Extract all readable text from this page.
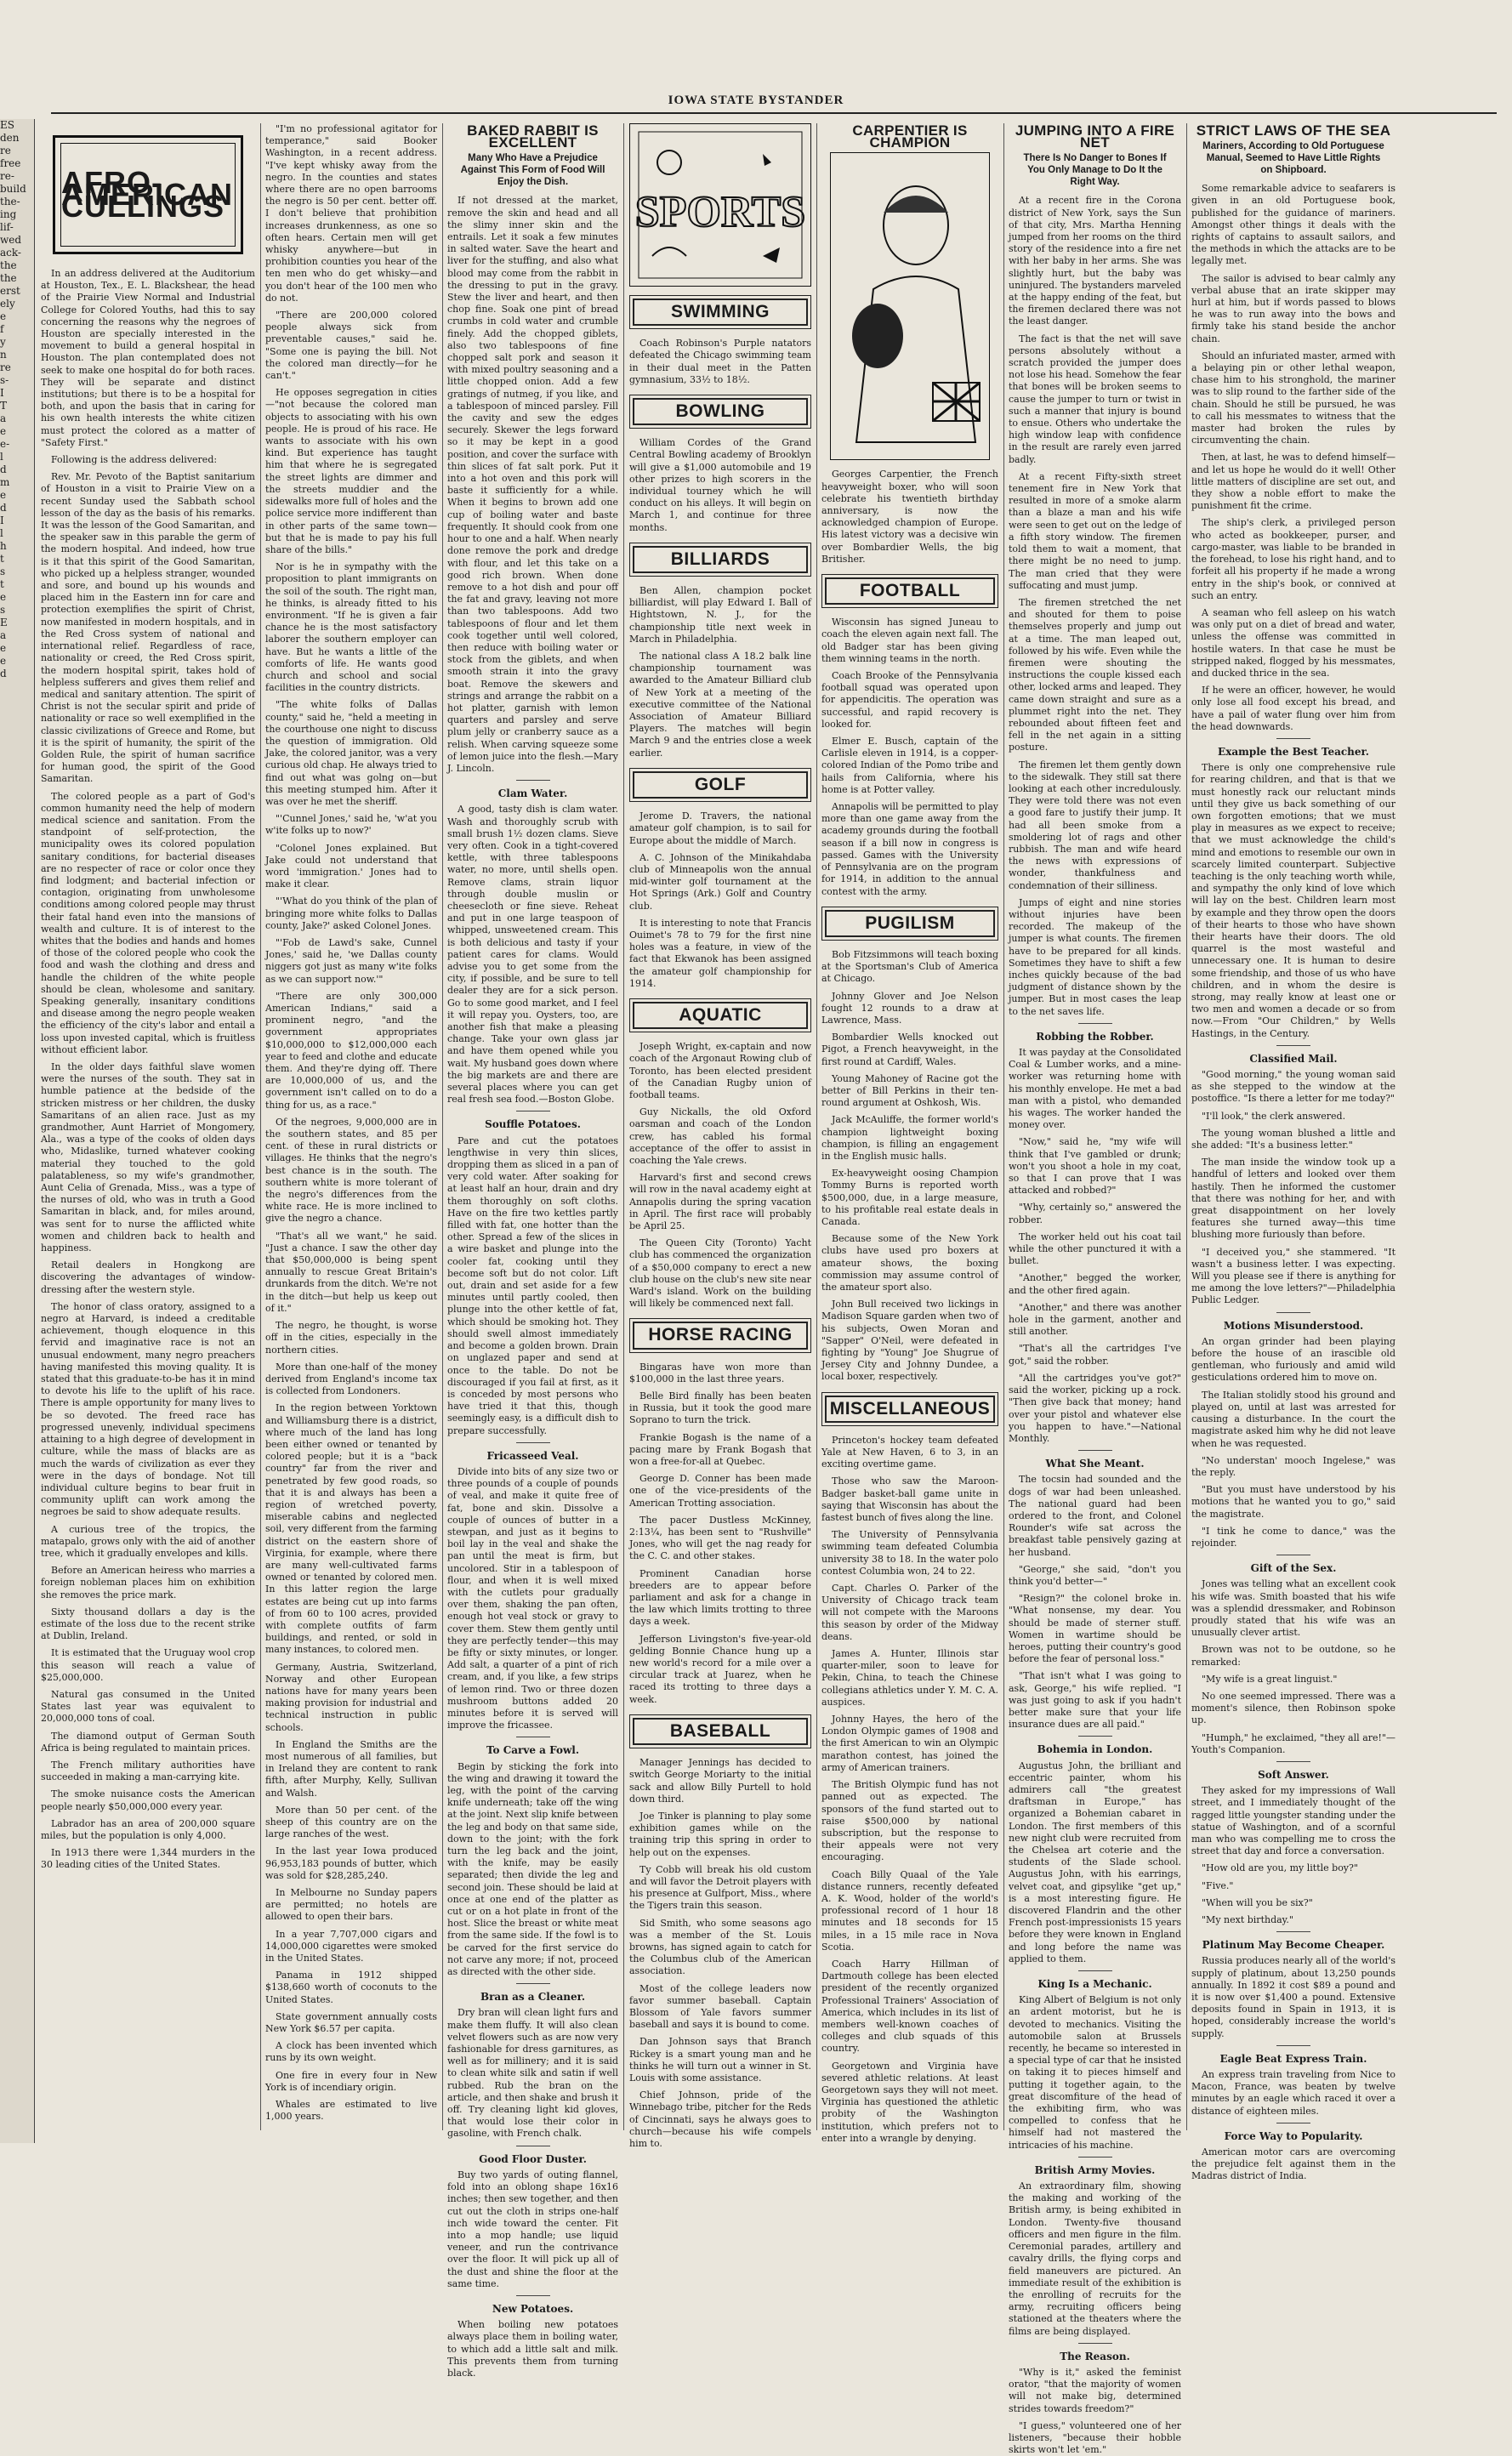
IOWA STATE BYSTANDER

ES

den

re

free

re-

build

the-

ing

lif-

wed

ack-

the

the

erst

ely

e

f

y

n

re

s-

I

T

a

e

e-

l

d

m

e

d

I

l

h

t

s

t

e

s

E

a

e

e

d

AFRO-AMERICAN CULLINGS

In an address delivered at the Auditorium at Houston, Tex., E. L. Blackshear, the head of the Prairie View Normal and Industrial College for Colored Youths, had this to say concerning the reasons why the negroes of Houston are specially interested in the movement to build a general hospital in Houston. The plan contemplated does not seek to make one hospital do for both races. They will be separate and distinct institutions; but there is to be a hospital for both, and upon the basis that in caring for his own health interests the white citizen must protect the colored as a matter of "Safety First."

Following is the address delivered:

Rev. Mr. Pevoto of the Baptist sanitarium of Houston in a visit to Prairie View on a recent Sunday used the Sabbath school lesson of the day as the basis of his remarks. It was the lesson of the Good Samaritan, and the speaker saw in this parable the germ of the modern hospital. And indeed, how true is it that this spirit of the Good Samaritan, who picked up a helpless stranger, wounded and sore, and bound up his wounds and placed him in the Eastern inn for care and protection exemplifies the spirit of Christ, now manifested in modern hospitals, and in the Red Cross system of national and international relief. Regardless of race, nationality or creed, the Red Cross spirit, the modern hospital spirit, takes hold of helpless sufferers and gives them relief and medical and sanitary attention. The spirit of Christ is not the secular spirit and pride of nationality or race so well exemplified in the classic civilizations of Greece and Rome, but it is the spirit of humanity, the spirit of the Golden Rule, the spirit of human sacrifice for human good, the spirit of the Good Samaritan.

The colored people as a part of God's common humanity need the help of modern medical science and sanitation. From the standpoint of self-protection, the municipality owes its colored population sanitary conditions, for bacterial diseases are no respecter of race or color once they find lodgment; and bacterial infection or contagion, originating from unwholesome conditions among colored people may thrust their fatal hand even into the mansions of wealth and culture. It is of interest to the whites that the bodies and hands and homes of those of the colored people who cook the food and wash the clothing and dress and handle the children of the white people should be clean, wholesome and sanitary. Speaking generally, insanitary conditions and disease among the negro people weaken the efficiency of the city's labor and entail a loss upon invested capital, which is fruitless without efficient labor.

In the older days faithful slave women were the nurses of the south. They sat in humble patience at the bedside of the stricken mistress or her children, the dusky Samaritans of an alien race. Just as my grandmother, Aunt Harriet of Mongomery, Ala., was a type of the cooks of olden days who, Midaslike, turned whatever cooking material they touched to the gold palatableness, so my wife's grandmother, Aunt Celia of Grenada, Miss., was a type of the nurses of old, who was in truth a Good Samaritan in black, and, for miles around, was sent for to nurse the afflicted white women and children back to health and happiness.

Retail dealers in Hongkong are discovering the advantages of window-dressing after the western style.

The honor of class oratory, assigned to a negro at Harvard, is indeed a creditable achievement, though eloquence in this fervid and imaginative race is not an unusual endowment, many negro preachers having manifested this moving quality. It is stated that this graduate-to-be has it in mind to devote his life to the uplift of his race. There is ample opportunity for many lives to be so devoted. The freed race has progressed unevenly, individual specimens attaining to a high degree of development in culture, while the mass of blacks are as much the wards of civilization as ever they were in the days of bondage. Not till individual culture begins to bear fruit in community uplift can work among the negroes be said to show adequate results.

A curious tree of the tropics, the matapalo, grows only with the aid of another tree, which it gradually envelopes and kills.

Before an American heiress who marries a foreign nobleman places him on exhibition she removes the price mark.

Sixty thousand dollars a day is the estimate of the loss due to the recent strike at Dublin, Ireland.

It is estimated that the Uruguay wool crop this season will reach a value of $25,000,000.

Natural gas consumed in the United States last year was equivalent to 20,000,000 tons of coal.

The diamond output of German South Africa is being regulated to maintain prices.

The French military authorities have succeeded in making a man-carrying kite.

The smoke nuisance costs the American people nearly $50,000,000 every year.

Labrador has an area of 200,000 square miles, but the population is only 4,000.

In 1913 there were 1,344 murders in the 30 leading cities of the United States.

"I'm no professional agitator for temperance," said Booker Washington, in a recent address. "I've kept whisky away from the negro. In the counties and states where there are no open barrooms the negro is 50 per cent. better off. I don't believe that prohibition increases drunkenness, as one so often hears. Certain men will get whisky anywhere—but in prohibition counties you hear of the ten men who do get whisky—and you don't hear of the 100 men who do not.

"There are 200,000 colored people always sick from preventable causes," said he. "Some one is paying the bill. Not the colored man directly—for he can't."

He opposes segregation in cities—"not because the colored man objects to associating with his own people. He is proud of his race. He wants to associate with his own kind. But experience has taught him that where he is segregated the street lights are dimmer and the streets muddier and the sidewalks more full of holes and the police service more indifferent than in other parts of the same town—but that he is made to pay his full share of the bills."

Nor is he in sympathy with the proposition to plant immigrants on the soil of the south. The right man, he thinks, is already fitted to his environment. "If he is given a fair chance he is the most satisfactory laborer the southern employer can have. But he wants a little of the comforts of life. He wants good church and school and social facilities in the country districts.

"The white folks of Dallas county," said he, "held a meeting in the courthouse one night to discuss the question of immigration. Old Jake, the colored janitor, was a very curious old chap. He always tried to find out what was golng on—but this meeting stumped him. After it was over he met the sheriff.

"'Cunnel Jones,' said he, 'w'at you w'ite folks up to now?'

"Colonel Jones explained. But Jake could not understand that word 'immigration.' Jones had to make it clear.

"'What do you think of the plan of bringing more white folks to Dallas county, Jake?' asked Colonel Jones.

"'Fob de Lawd's sake, Cunnel Jones,' said he, 'we Dallas county niggers got just as many w'ite folks as we can support now.'"

"There are only 300,000 American Indians," said a prominent negro, "and the government appropriates $10,000,000 to $12,000,000 each year to feed and clothe and educate them. And they're dying off. There are 10,000,000 of us, and the government isn't called on to do a thing for us, as a race."

Of the negroes, 9,000,000 are in the southern states, and 85 per cent. of these in rural districts or villages. He thinks that the negro's best chance is in the south. The southern white is more tolerant of the negro's differences from the white race. He is more inclined to give the negro a chance.

"That's all we want," he said. "Just a chance. I saw the other day that $50,000,000 is being spent annually to rescue Great Britain's drunkards from the ditch. We're not in the ditch—but help us keep out of it."

The negro, he thought, is worse off in the cities, especially in the northern cities.

More than one-half of the money derived from England's income tax is collected from Londoners.

In the region between Yorktown and Williamsburg there is a district, where much of the land has long been either owned or tenanted by colored people; but it is a "back country" far from the river and penetrated by few good roads, so that it is and always has been a region of wretched poverty, miserable cabins and neglected soil, very different from the farming district on the eastern shore of Virginia, for example, where there are many well-cultivated farms owned or tenanted by colored men. In this latter region the large estates are being cut up into farms of from 60 to 100 acres, provided with complete outfits of farm buildings, and rented, or sold in many instances, to colored men.

Germany, Austria, Switzerland, Norway and other European nations have for many years been making provision for industrial and technical instruction in public schools.

In England the Smiths are the most numerous of all families, but in Ireland they are content to rank fifth, after Murphy, Kelly, Sullivan and Walsh.

More than 50 per cent. of the sheep of this country are on the large ranches of the west.

In the last year Iowa produced 96,953,183 pounds of butter, which was sold for $28,285,240.

In Melbourne no Sunday papers are permitted; no hotels are allowed to open their bars.

In a year 7,707,000 cigars and 14,000,000 cigarettes were smoked in the United States.

Panama in 1912 shipped $138,660 worth of coconuts to the United States.

State government annually costs New York $6.57 per capita.

A clock has been invented which runs by its own weight.

One fire in every four in New York is of incendiary origin.

Whales are estimated to live 1,000 years.

BAKED RABBIT IS EXCELLENT
Many Who Have a Prejudice Against This Form of Food Will Enjoy the Dish.

If not dressed at the market, remove the skin and head and all the slimy inner skin and the entrails. Let it soak a few minutes in salted water. Save the heart and liver for the stuffing, and also what blood may come from the rabbit in the dressing to put in the gravy. Stew the liver and heart, and then chop fine. Soak one pint of bread crumbs in cold water and crumble finely. Add the chopped giblets, also two tablespoons of fine chopped salt pork and season it with mixed poultry seasoning and a little chopped onion. Add a few gratings of nutmeg, if you like, and a tablespoon of minced parsley. Fill the cavity and sew the edges securely. Skewer the legs forward so it may be kept in a good position, and cover the surface with thin slices of fat salt pork. Put it into a hot oven and this pork will baste it sufficiently for a while. When it begins to brown add one cup of boiling water and baste frequently. It should cook from one hour to one and a half. When nearly done remove the pork and dredge with flour, and let this take on a good rich brown. When done remove to a hot dish and pour off the fat and gravy, leaving not more than two tablespoons. Add two tablespoons of flour and let them cook together until well colored, then reduce with boiling water or stock from the giblets, and when smooth strain it into the gravy boat. Remove the skewers and strings and arrange the rabbit on a hot platter, garnish with lemon quarters and parsley and serve plum jelly or cranberry sauce as a relish. When carving squeeze some of lemon juice into the flesh.—Mary J. Lincoln.

Clam Water.

A good, tasty dish is clam water. Wash and thoroughly scrub with small brush 1½ dozen clams. Sieve very often. Cook in a tight-covered kettle, with three tablespoons water, no more, until shells open. Remove clams, strain liquor through double muslin or cheesecloth or fine sieve. Reheat and put in one large teaspoon of whipped, unsweetened cream. This is both delicious and tasty if your patient cares for clams. Would advise you to get some from the city, if possible, and be sure to tell dealer they are for a sick person. Go to some good market, and I feel it will repay you. Oysters, too, are another fish that make a pleasing change. Take your own glass jar and have them opened while you wait. My husband goes down where the big markets are and there are several places where you can get real fresh sea food.—Boston Globe.

Souffle Potatoes.

Pare and cut the potatoes lengthwise in very thin slices, dropping them as sliced in a pan of very cold water. After soaking for at least half an hour, drain and dry them thoroughly on soft cloths. Have on the fire two kettles partly filled with fat, one hotter than the other. Spread a few of the slices in a wire basket and plunge into the cooler fat, cooking until they become soft but do not color. Lift out, drain and set aside for a few minutes until partly cooled, then plunge into the other kettle of fat, which should be smoking hot. They should swell almost immediately and become a golden brown. Drain on unglazed paper and send at once to the table. Do not be discouraged if you fail at first, as it is conceded by most persons who have tried it that this, though seemingly easy, is a difficult dish to prepare successfully.

Fricasseed Veal.

Divide into bits of any size two or three pounds of a couple of pounds of veal, and make it quite free of fat, bone and skin. Dissolve a couple of ounces of butter in a stewpan, and just as it begins to boil lay in the veal and shake the pan until the meat is firm, but uncolored. Stir in a tablespoon of flour, and when it is well mixed with the cutlets pour gradually over them, shaking the pan often, enough hot veal stock or gravy to cover them. Stew them gently until they are perfectly tender—this may be fifty or sixty minutes, or longer. Add salt, a quarter of a pint of rich cream, and, if you like, a few strips of lemon rind. Two or three dozen mushroom buttons added 20 minutes before it is served will improve the fricassee.

To Carve a Fowl.

Begin by sticking the fork into the wing and drawing it toward the leg, with the point of the carving knife underneath; take off the wing at the joint. Next slip knife between the leg and body on that same side, down to the joint; with the fork turn the leg back and the joint, with the knife, may be easily separated; then divide the leg and second join. These should be laid at once at one end of the platter as cut or on a hot plate in front of the host. Slice the breast or white meat from the same side. If the fowl is to be carved for the first service do not carve any more; if not, proceed as directed with the other side.

Bran as a Cleaner.

Dry bran will clean light furs and make them fluffy. It will also clean velvet flowers such as are now very fashionable for dress garnitures, as well as for millinery; and it is said to clean white silk and satin if well rubbed. Rub the bran on the article, and then shake and brush it off. Try cleaning light kid gloves, that would lose their color in gasoline, with French chalk.

Good Floor Duster.

Buy two yards of outing flannel, fold into an oblong shape 16x16 inches; then sew together, and then cut out the cloth in strips one-half inch wide toward the center. Fit into a mop handle; use liquid veneer, and run the contrivance over the floor. It will pick up all of the dust and shine the floor at the same time.

New Potatoes.

When boiling new potatoes always place them in boiling water, to which add a little salt and milk. This prevents them from turning black.

SPORTS
SWIMMING

Coach Robinson's Purple natators defeated the Chicago swimming team in their dual meet in the Patten gymnasium, 33½ to 18½.

BOWLING

William Cordes of the Grand Central Bowling academy of Brooklyn will give a $1,000 automobile and 19 other prizes to high scorers in the individual tourney which he will conduct on his alleys. It will begin on March 1, and continue for three months.

BILLIARDS

Ben Allen, champion pocket billiardist, will play Edward I. Ball of Hightstown, N. J., for the championship title next week in March in Philadelphia.

The national class A 18.2 balk line championship tournament was awarded to the Amateur Billiard club of New York at a meeting of the executive committee of the National Association of Amateur Billiard Players. The matches will begin March 9 and the entries close a week earlier.

GOLF

Jerome D. Travers, the national amateur golf champion, is to sail for Europe about the middle of March.

A. C. Johnson of the Minikahdaba club of Minneapolis won the annual mid-winter golf tournament at the Hot Springs (Ark.) Golf and Country club.

It is interesting to note that Francis Ouimet's 78 to 79 for the first nine holes was a feature, in view of the fact that Ekwanok has been assigned the amateur golf championship for 1914.

AQUATIC

Joseph Wright, ex-captain and now coach of the Argonaut Rowing club of Toronto, has been elected president of the Canadian Rugby union of football teams.

Guy Nickalls, the old Oxford oarsman and coach of the London crew, has cabled his formal acceptance of the offer to assist in coaching the Yale crews.

Harvard's first and second crews will row in the naval academy eight at Annapolis during the spring vacation in April. The first race will probably be April 25.

The Queen City (Toronto) Yacht club has commenced the organization of a $50,000 company to erect a new club house on the club's new site near Ward's island. Work on the building will likely be commenced next fall.

HORSE RACING

Bingaras have won more than $100,000 in the last three years.

Belle Bird finally has been beaten in Russia, but it took the good mare Soprano to turn the trick.

Frankie Bogash is the name of a pacing mare by Frank Bogash that won a free-for-all at Quebec.

George D. Conner has been made one of the vice-presidents of the American Trotting association.

The pacer Dustless McKinney, 2:13¼, has been sent to "Rushville" Jones, who will get the nag ready for the C. C. and other stakes.

Prominent Canadian horse breeders are to appear before parliament and ask for a change in the law which limits trotting to three days a week.

Jefferson Livingston's five-year-old gelding Bonnie Chance hung up a new world's record for a mile over a circular track at Juarez, when he raced its trotting to three days a week.

BASEBALL

Manager Jennings has decided to switch George Moriarty to the initial sack and allow Billy Purtell to hold down third.

Joe Tinker is planning to play some exhibition games while on the training trip this spring in order to help out on the expenses.

Ty Cobb will break his old custom and will favor the Detroit players with his presence at Gulfport, Miss., where the Tigers train this season.

Sid Smith, who some seasons ago was a member of the St. Louis browns, has signed again to catch for the Columbus club of the American association.

Most of the college leaders now favor summer baseball. Captain Blossom of Yale favors summer baseball and says it is bound to come.

Dan Johnson says that Branch Rickey is a smart young man and he thinks he will turn out a winner in St. Louis with some assistance.

Chief Johnson, pride of the Winnebago tribe, pitcher for the Reds of Cincinnati, says he always goes to church—because his wife compels him to.

CARPENTIER IS CHAMPION

Georges Carpentier, the French heavyweight boxer, who will soon celebrate his twentieth birthday anniversary, is now the acknowledged champion of Europe. His latest victory was a decisive win over Bombardier Wells, the big Britisher.

FOOTBALL

Wisconsin has signed Juneau to coach the eleven again next fall. The old Badger star has been giving them winning teams in the north.

Coach Brooke of the Pennsylvania football squad was operated upon for appendicitis. The operation was successful, and rapid recovery is looked for.

Elmer E. Busch, captain of the Carlisle eleven in 1914, is a copper-colored Indian of the Pomo tribe and hails from California, where his home is at Potter valley.

Annapolis will be permitted to play more than one game away from the academy grounds during the football season if a bill now in congress is passed. Games with the University of Pennsylvania are on the program for 1914, in addition to the annual contest with the army.

PUGILISM

Bob Fitzsimmons will teach boxing at the Sportsman's Club of America at Chicago.

Johnny Glover and Joe Nelson fought 12 rounds to a draw at Lawrence, Mass.

Bombardier Wells knocked out Pigot, a French heavyweight, in the first round at Cardiff, Wales.

Young Mahoney of Racine got the better of Bill Perkins in their ten-round argument at Oshkosh, Wis.

Jack McAuliffe, the former world's champion lightweight boxing champion, is filling an engagement in the English music halls.

Ex-heavyweight oosing Champion Tommy Burns is reported worth $500,000, due, in a large measure, to his profitable real estate deals in Canada.

Because some of the New York clubs have used pro boxers at amateur shows, the boxing commission may assume control of the amateur sport also.

John Bull received two lickings in Madison Square garden when two of his subjects, Owen Moran and "Sapper" O'Neil, were defeated in fighting by "Young" Joe Shugrue of Jersey City and Johnny Dundee, a local boxer, respectively.

MISCELLANEOUS

Princeton's hockey team defeated Yale at New Haven, 6 to 3, in an exciting overtime game.

Those who saw the Maroon-Badger basket-ball game unite in saying that Wisconsin has about the fastest bunch of fives along the line.

The University of Pennsylvania swimming team defeated Columbia university 38 to 18. In the water polo contest Columbia won, 24 to 22.

Capt. Charles O. Parker of the University of Chicago track team will not compete with the Maroons this season by order of the Midway deans.

James A. Hunter, Illinois star quarter-miler, soon to leave for Pekin, China, to teach the Chinese collegians athletics under Y. M. C. A. auspices.

Johnny Hayes, the hero of the London Olympic games of 1908 and the first American to win an Olympic marathon contest, has joined the army of American trainers.

The British Olympic fund has not panned out as expected. The sponsors of the fund started out to raise $500,000 by national subscription, but the response to their appeals were not very encouraging.

Coach Billy Quaal of the Yale distance runners, recently defeated A. K. Wood, holder of the world's professional record of 1 hour 18 minutes and 18 seconds for 15 miles, in a 15 mile race in Nova Scotia.

Coach Harry Hillman of Dartmouth college has been elected president of the recently organized Professional Trainers' Association of America, which includes in its list of members well-known coaches of colleges and club squads of this country.

Georgetown and Virginia have severed athletic relations. At least Georgetown says they will not meet. Virginia has questioned the athletic probity of the Washington institution, which prefers not to enter into a wrangle by denying.

JUMPING INTO A FIRE NET
There Is No Danger to Bones If You Only Manage to Do It the Right Way.

At a recent fire in the Corona district of New York, says the Sun of that city, Mrs. Martha Henning jumped from her rooms on the third story of the residence into a fire net with her baby in her arms. She was slightly hurt, but the baby was uninjured. The bystanders marveled at the happy ending of the feat, but the firemen declared there was not the least danger.

The fact is that the net will save persons absolutely without a scratch provided the jumper does not lose his head. Somehow the fear that bones will be broken seems to cause the jumper to turn or twist in such a manner that injury is bound to ensue. Others who undertake the high window leap with confidence in the result are rarely even jarred badly.

At a recent Fifty-sixth street tenement fire in New York that resulted in more of a smoke alarm than a blaze a man and his wife were seen to get out on the ledge of a fifth story window. The firemen told them to wait a moment, that there might be no need to jump. The man cried that they were suffocating and must jump.

The firemen stretched the net and shouted for them to poise themselves properly and jump out at a time. The man leaped out, followed by his wife. Even while the firemen were shouting the instructions the couple kissed each other, locked arms and leaped. They came down straight and sure as a plummet right into the net. They rebounded about fifteen feet and fell in the net again in a sitting posture.

The firemen let them gently down to the sidewalk. They still sat there looking at each other incredulously. They were told there was not even a good fare to justify their jump. It had all been smoke from a smoldering lot of rags and other rubbish. The man and wife heard the news with expressions of wonder, thankfulness and condemnation of their silliness.

Jumps of eight and nine stories without injuries have been recorded. The makeup of the jumper is what counts. The firemen have to be prepared for all kinds. Sometimes they have to shift a few inches quickly because of the bad judgment of distance shown by the jumper. But in most cases the leap to the net saves life.

Robbing the Robber.

It was payday at the Consolidated Coal & Lumber works, and a mine-worker was returning home with his monthly envelope. He met a bad man with a pistol, who demanded his wages. The worker handed the money over.

"Now," said he, "my wife will think that I've gambled or drunk; won't you shoot a hole in my coat, so that I can prove that I was attacked and robbed?"

"Why, certainly so," answered the robber.

The worker held out his coat tail while the other punctured it with a bullet.

"Another," begged the worker, and the other fired again.

"Another," and there was another hole in the garment, another and still another.

"That's all the cartridges I've got," said the robber.

"All the cartridges you've got?" said the worker, picking up a rock. "Then give back that money; hand over your pistol and whatever else you happen to have."—National Monthly.

What She Meant.

The tocsin had sounded and the dogs of war had been unleashed. The national guard had been ordered to the front, and Colonel Rounder's wife sat across the breakfast table pensively gazing at her husband.

"George," she said, "don't you think you'd better—"

"Resign?" the colonel broke in. "What nonsense, my dear. You should be made of sterner stuff. Women in wartime should be heroes, putting their country's good before the fear of personal loss."

"That isn't what I was going to ask, George," his wife replied. "I was just going to ask if you hadn't better make sure that your life insurance dues are all paid."

Bohemia in London.

Augustus John, the brilliant and eccentric painter, whom his admirers call "the greatest draftsman in Europe," has organized a Bohemian cabaret in London. The first members of this new night club were recruited from the Chelsea art coterie and the students of the Slade school. Augustus John, with his earrings, velvet coat, and gipsylike "get up," is a most interesting figure. He discovered Flandrin and the other French post-impressionists 15 years before they were known in England and long before the name was applied to them.

King Is a Mechanic.

King Albert of Belgium is not only an ardent motorist, but he is devoted to mechanics. Visiting the automobile salon at Brussels recently, he became so interested in a special type of car that he insisted on taking it to pieces himself and putting it together again, to the great discomfiture of the head of the exhibiting firm, who was compelled to confess that he himself had not mastered the intricacies of his machine.

British Army Movies.

An extraordinary film, showing the making and working of the British army, is being exhibited in London. Twenty-five thousand officers and men figure in the film. Ceremonial parades, artillery and cavalry drills, the flying corps and field maneuvers are pictured. An immediate result of the exhibition is the enrolling of recruits for the army, recruiting officers being stationed at the theaters where the films are being displayed.

The Reason.

"Why is it," asked the feminist orator, "that the majority of women will not make big, determined strides towards freedom?"

"I guess," volunteered one of her listeners, "because their hobble skirts won't let 'em."

STRICT LAWS OF THE SEA
Mariners, According to Old Portuguese Manual, Seemed to Have Little Rights on Shipboard.

Some remarkable advice to seafarers is given in an old Portuguese book, published for the guidance of mariners. Amongst other things it deals with the rights of captains to assault sailors, and the methods in which the attacks are to be legally met.

The sailor is advised to bear calmly any verbal abuse that an irate skipper may hurl at him, but if words passed to blows he was to run away into the bows and firmly take his stand beside the anchor chain.

Should an infuriated master, armed with a belaying pin or other lethal weapon, chase him to his stronghold, the mariner was to slip round to the farther side of the chain. Should he still be pursued, he was to call his messmates to witness that the master had broken the rules by circumventing the chain.

Then, at last, he was to defend himself—and let us hope he would do it well! Other little matters of discipline are set out, and they show a noble effort to make the punishment fit the crime.

The ship's clerk, a privileged person who acted as bookkeeper, purser, and cargo-master, was liable to be branded in the forehead, to lose his right hand, and to forfeit all his property if he made a wrong entry in the ship's book, or connived at such an entry.

A seaman who fell asleep on his watch was only put on a diet of bread and water, unless the offense was committed in hostile waters. In that case he must be stripped naked, flogged by his messmates, and ducked thrice in the sea.

If he were an officer, however, he would only lose all food except his bread, and have a pail of water flung over him from the head downwards.

Example the Best Teacher.

There is only one comprehensive rule for rearing children, and that is that we must honestly rack our reluctant minds until they give us back something of our own forgotten emotions; that we must play in measures as we expect to receive; that we must acknowledge the child's mind and emotions to resemble our own in scarcely limited counterpart. Subjective teaching is the only teaching worth while, and sympathy the only kind of love which will lay on the best. Children learn most by example and they throw open the doors of their hearts to those who have shown their hearts have their doors. The old quarrel is the most wasteful and unnecessary one. It is human to desire some friendship, and those of us who have children, and in whom the desire is strong, may really know at least one or two men and women a decade or so from now.—From "Our Children," by Wells Hastings, in the Century.

Classified Mail.

"Good morning," the young woman said as she stepped to the window at the postoffice. "Is there a letter for me today?"

"I'll look," the clerk answered.

The young woman blushed a little and she added: "It's a business letter."

The man inside the window took up a handful of letters and looked over them hastily. Then he informed the customer that there was nothing for her, and with great disappointment on her lovely features she turned away—this time blushing more furiously than before.

"I deceived you," she stammered. "It wasn't a business letter. I was expecting. Will you please see if there is anything for me among the love letters?"—Philadelphia Public Ledger.

Motions Misunderstood.

An organ grinder had been playing before the house of an irascible old gentleman, who furiously and amid wild gesticulations ordered him to move on.

The Italian stolidly stood his ground and played on, until at last was arrested for causing a disturbance. In the court the magistrate asked him why he did not leave when he was requested.

"No understan' mooch Ingelese," was the reply.

"But you must have understood by his motions that he wanted you to go," said the magistrate.

"I tink he come to dance," was the rejoinder.

Gift of the Sex.

Jones was telling what an excellent cook his wife was. Smith boasted that his wife was a splendid dressmaker, and Robinson proudly stated that his wife was an unusually clever artist.

Brown was not to be outdone, so he remarked:

"My wife is a great linguist."

No one seemed impressed. There was a moment's silence, then Robinson spoke up.

"Humph," he exclaimed, "they all are!"—Youth's Companion.

Soft Answer.

They asked for my impressions of Wall street, and I immediately thought of the ragged little youngster standing under the statue of Washington, and of a scornful man who was compelling me to cross the street that day and force a conversation.

"How old are you, my little boy?"

"Five."

"When will you be six?"

"My next birthday."

Platinum May Become Cheaper.

Russia produces nearly all of the world's supply of platinum, about 13,250 pounds annually. In 1892 it cost $89 a pound and it is now over $1,400 a pound. Extensive deposits found in Spain in 1913, it is hoped, considerably increase the world's supply.

Eagle Beat Express Train.

An express train traveling from Nice to Macon, France, was beaten by twelve minutes by an eagle which raced it over a distance of eighteen miles.

Force Way to Popularity.

American motor cars are overcoming the prejudice felt against them in the Madras district of India.
